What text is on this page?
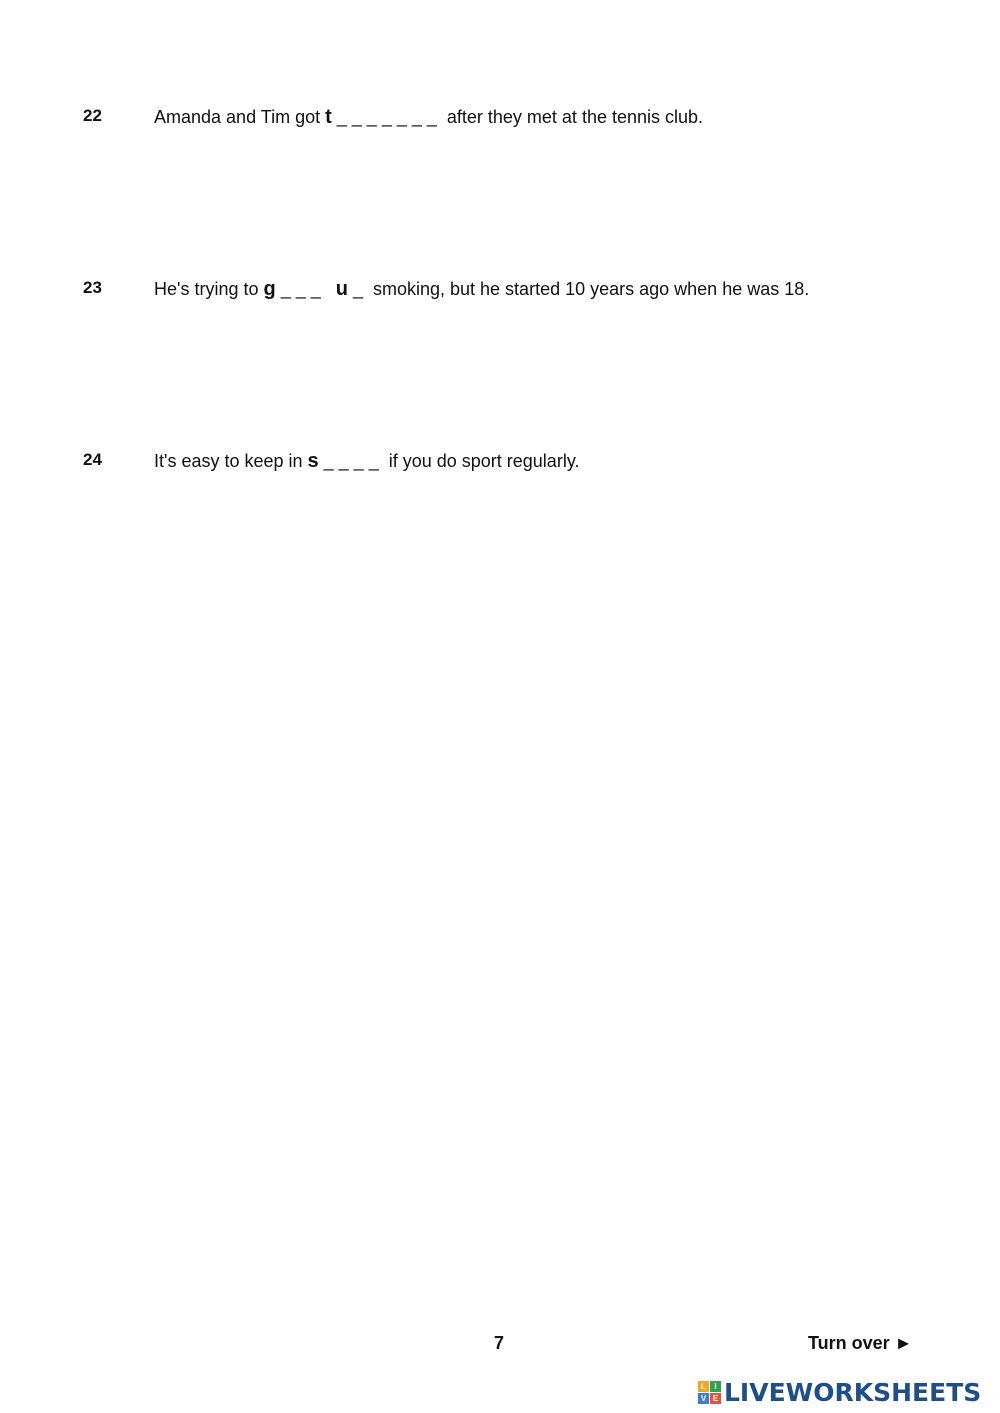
22	Amanda and Tim got t _ _ _ _ _ _ _  after they met at the tennis club.
23	He's trying to g _ _ _   u _  smoking, but he started 10 years ago when he was 18.
24	It's easy to keep in s _ _ _ _  if you do sport regularly.
7	Turn over ►
L	I
V E LIVEWORKSHEETS
